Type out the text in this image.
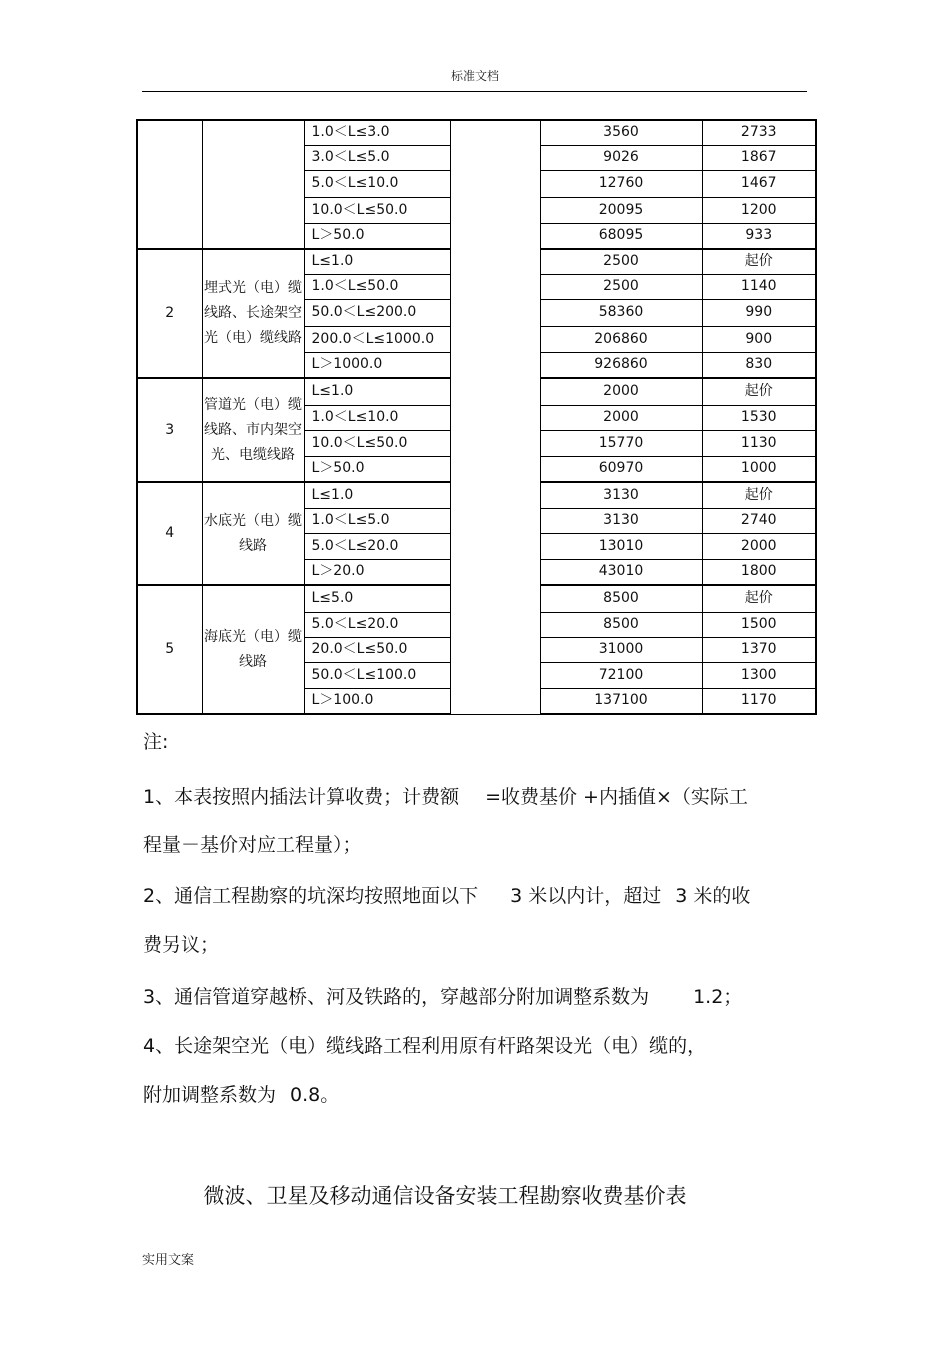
标准文档
		1.0＜L≤3.0		3560	2733
		3.0＜L≤5.0		9026	1867
		5.0＜L≤10.0		12760	1467
		10.0＜L≤50.0		20095	1200
		L＞50.0		68095	933
2	埋式光（电）缆线路、长途架空光（电）缆线路	L≤1.0		2500	起价
		1.0＜L≤50.0		2500	1140
		50.0＜L≤200.0		58360	990
		200.0＜L≤1000.0		206860	900
		L＞1000.0		926860	830
3	管道光（电）缆线路、市内架空光、电缆线路	L≤1.0		2000	起价
		1.0＜L≤10.0		2000	1530
		10.0＜L≤50.0		15770	1130
		L＞50.0		60970	1000
4	水底光（电）缆线路	L≤1.0		3130	起价
		1.0＜L≤5.0		3130	2740
		5.0＜L≤20.0		13010	2000
		L＞20.0		43010	1800
5	海底光（电）缆线路	L≤5.0		8500	起价
		5.0＜L≤20.0		8500	1500
		20.0＜L≤50.0		31000	1370
		50.0＜L≤100.0		72100	1300
		L＞100.0		137100	1170

注:

1、本表按照内插法计算收费；计费额 =收费基价 +内插值×（实际工

程量－基价对应工程量）；

2、通信工程勘察的坑深均按照地面以下 3 米以内计，超过 3 米的收

费另议；

3、通信管道穿越桥、河及铁路的，穿越部分附加调整系数为 1.2；

4、长途架空光（电）缆线路工程利用原有杆路架设光（电）缆的，

附加调整系数为 0.8。

微波、卫星及移动通信设备安装工程勘察收费基价表
实用文案
